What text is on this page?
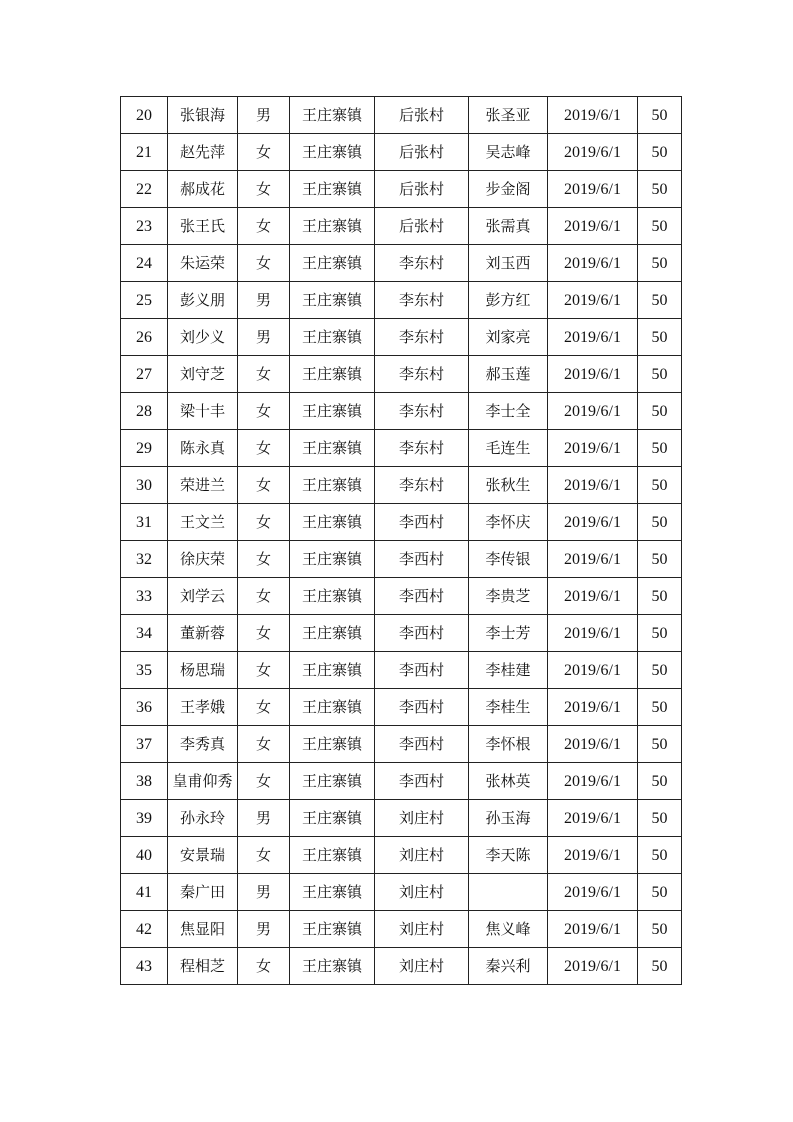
20	张银海	男	王庄寨镇	后张村	张圣亚	2019/6/1	50
21	赵先萍	女	王庄寨镇	后张村	吴志峰	2019/6/1	50
22	郝成花	女	王庄寨镇	后张村	步金阁	2019/6/1	50
23	张王氏	女	王庄寨镇	后张村	张需真	2019/6/1	50
24	朱运荣	女	王庄寨镇	李东村	刘玉西	2019/6/1	50
25	彭义朋	男	王庄寨镇	李东村	彭方红	2019/6/1	50
26	刘少义	男	王庄寨镇	李东村	刘家亮	2019/6/1	50
27	刘守芝	女	王庄寨镇	李东村	郝玉莲	2019/6/1	50
28	梁十丰	女	王庄寨镇	李东村	李士全	2019/6/1	50
29	陈永真	女	王庄寨镇	李东村	毛连生	2019/6/1	50
30	荣进兰	女	王庄寨镇	李东村	张秋生	2019/6/1	50
31	王文兰	女	王庄寨镇	李西村	李怀庆	2019/6/1	50
32	徐庆荣	女	王庄寨镇	李西村	李传银	2019/6/1	50
33	刘学云	女	王庄寨镇	李西村	李贵芝	2019/6/1	50
34	董新蓉	女	王庄寨镇	李西村	李士芳	2019/6/1	50
35	杨思瑞	女	王庄寨镇	李西村	李桂建	2019/6/1	50
36	王孝娥	女	王庄寨镇	李西村	李桂生	2019/6/1	50
37	李秀真	女	王庄寨镇	李西村	李怀根	2019/6/1	50
38	皇甫仰秀	女	王庄寨镇	李西村	张林英	2019/6/1	50
39	孙永玲	男	王庄寨镇	刘庄村	孙玉海	2019/6/1	50
40	安景瑞	女	王庄寨镇	刘庄村	李天陈	2019/6/1	50
41	秦广田	男	王庄寨镇	刘庄村		2019/6/1	50
42	焦显阳	男	王庄寨镇	刘庄村	焦义峰	2019/6/1	50
43	程相芝	女	王庄寨镇	刘庄村	秦兴利	2019/6/1	50
